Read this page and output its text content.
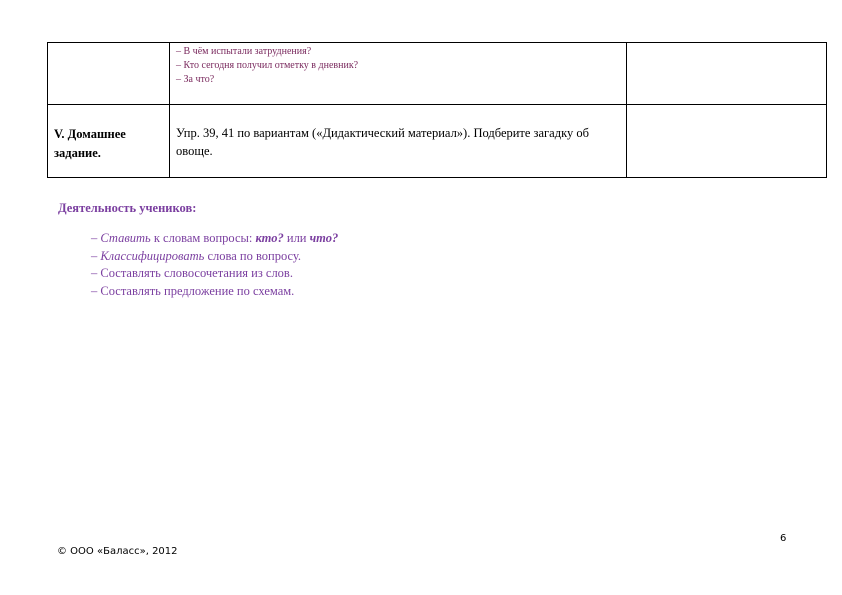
	– В чём испытали затруднения?
– Кто сегодня получил отметку в дневник?
– За что?	

V. Домашнее задание.	Упр. 39, 41 по вариантам («Дидактический материал»). Подберите загадку об овоще.	

Деятельность учеников:
– Ставить к словам вопросы: кто? или что?
– Классифицировать слова по вопросу.
– Составлять словосочетания из слов.
– Составлять предложение по схемам.
6
© ООО «Баласс», 2012
